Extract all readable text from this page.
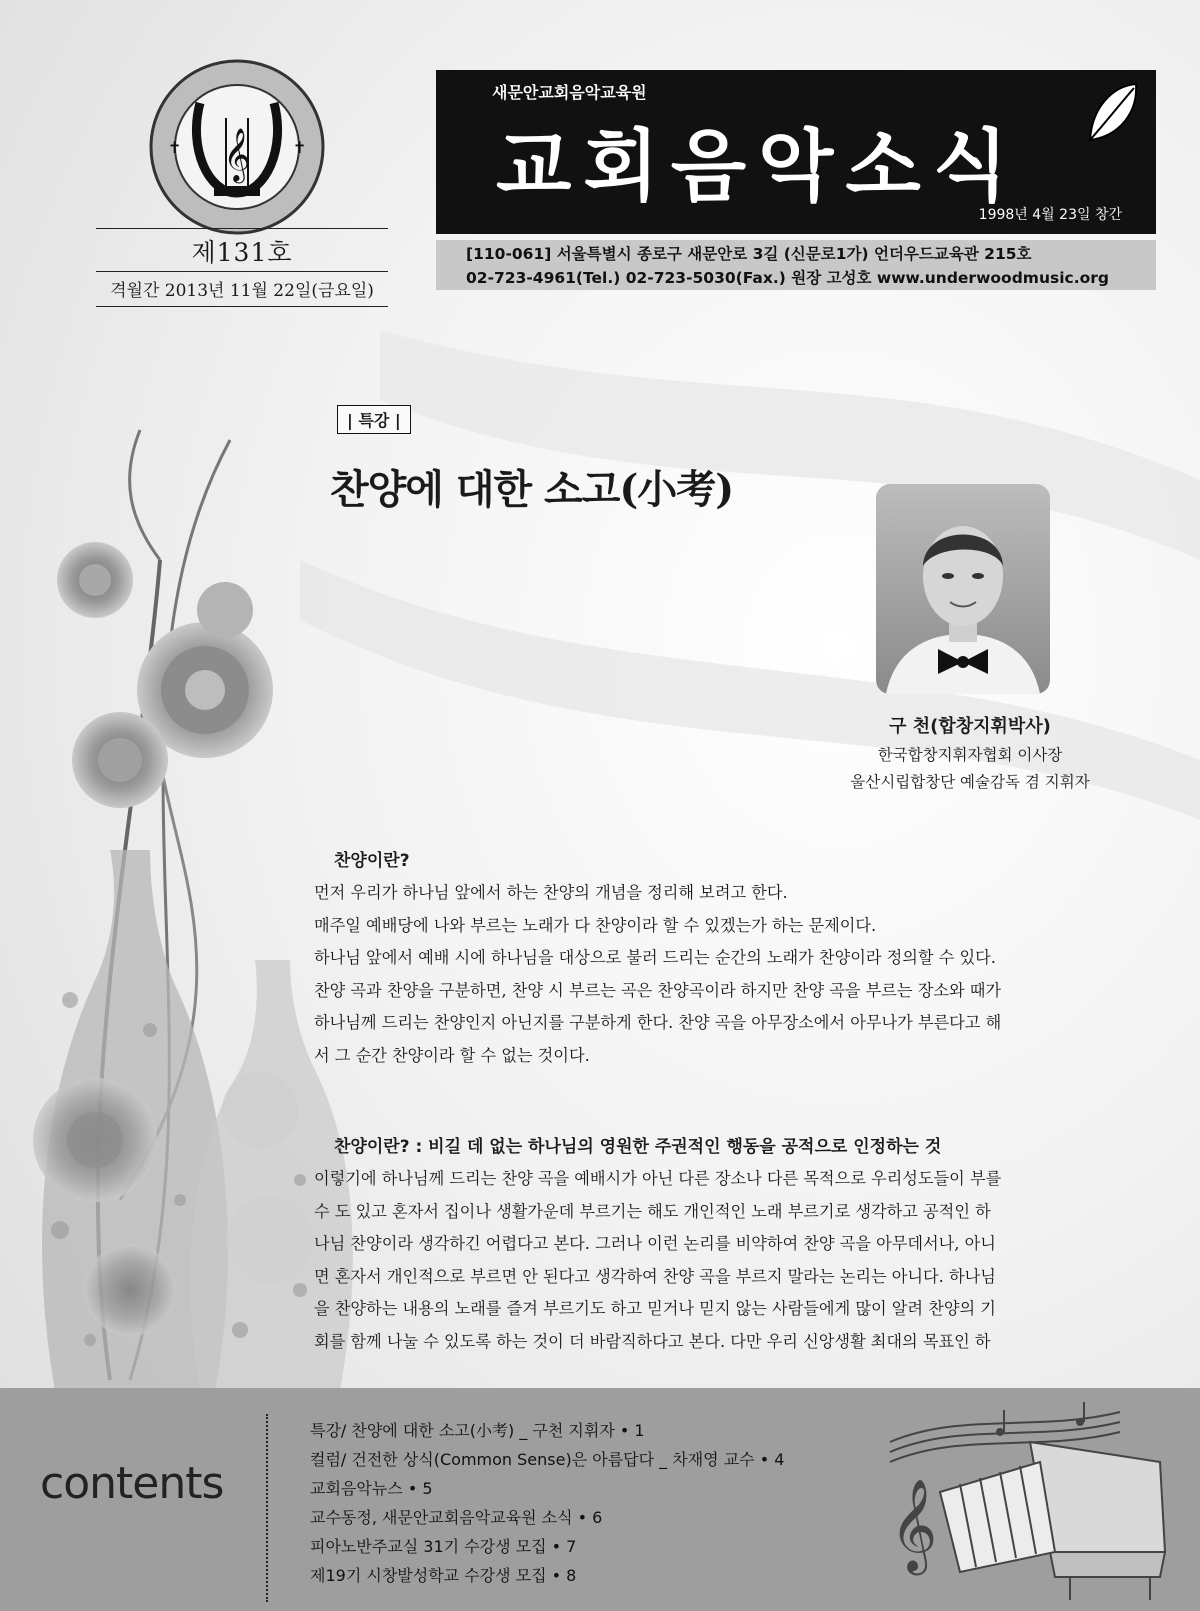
𝄞
✝	✝
제131호
격월간 2013년 11월 22일(금요일)
새문안교회음악교육원
교회음악소식
1998년 4월 23일 창간
[110-061] 서울특별시 종로구 새문안로 3길 (신문로1가) 언더우드교육관 215호
02-723-4961(Tel.) 02-723-5030(Fax.) 원장 고성호 www.underwoodmusic.org
| 특강 |
찬양에 대한 소고(小考)
구 천(합창지휘박사)
한국합창지휘자협회 이사장
울산시립합창단 예술감독 겸 지휘자
찬양이란?
먼저 우리가 하나님 앞에서 하는 찬양의 개념을 정리해 보려고 한다.
매주일 예배당에 나와 부르는 노래가 다 찬양이라 할 수 있겠는가 하는 문제이다.
하나님 앞에서 예배 시에 하나님을 대상으로 불러 드리는 순간의 노래가 찬양이라 정의할 수 있다.
찬양 곡과 찬양을 구분하면, 찬양 시 부르는 곡은 찬양곡이라 하지만 찬양 곡을 부르는 장소와 때가
하나님께 드리는 찬양인지 아닌지를 구분하게 한다. 찬양 곡을 아무장소에서 아무나가 부른다고 해
서 그 순간 찬양이라 할 수 없는 것이다.
찬양이란? : 비길 데 없는 하나님의 영원한 주권적인 행동을 공적으로 인정하는 것
이렇기에 하나님께 드리는 찬양 곡을 예배시가 아닌 다른 장소나 다른 목적으로 우리성도들이 부를
수 도 있고 혼자서 집이나 생활가운데 부르기는 해도 개인적인 노래 부르기로 생각하고 공적인 하
나님 찬양이라 생각하긴 어렵다고 본다. 그러나 이런 논리를 비약하여 찬양 곡을 아무데서나, 아니
면 혼자서 개인적으로 부르면 안 된다고 생각하여 찬양 곡을 부르지 말라는 논리는 아니다. 하나님
을 찬양하는 내용의 노래를 즐겨 부르기도 하고 믿거나 믿지 않는 사람들에게 많이 알려 찬양의 기
회를 함께 나눌 수 있도록 하는 것이 더 바람직하다고 본다. 다만 우리 신앙생활 최대의 목표인 하
contents
특강/ 찬양에 대한 소고(小考) _ 구천 지휘자 • 1
컬럼/ 건전한 상식(Common Sense)은 아름답다 _ 차재영 교수 • 4
교회음악뉴스 • 5
교수동정, 새문안교회음악교육원 소식 • 6
피아노반주교실 31기 수강생 모집 • 7
제19기 시창발성학교 수강생 모집 • 8
𝄞
